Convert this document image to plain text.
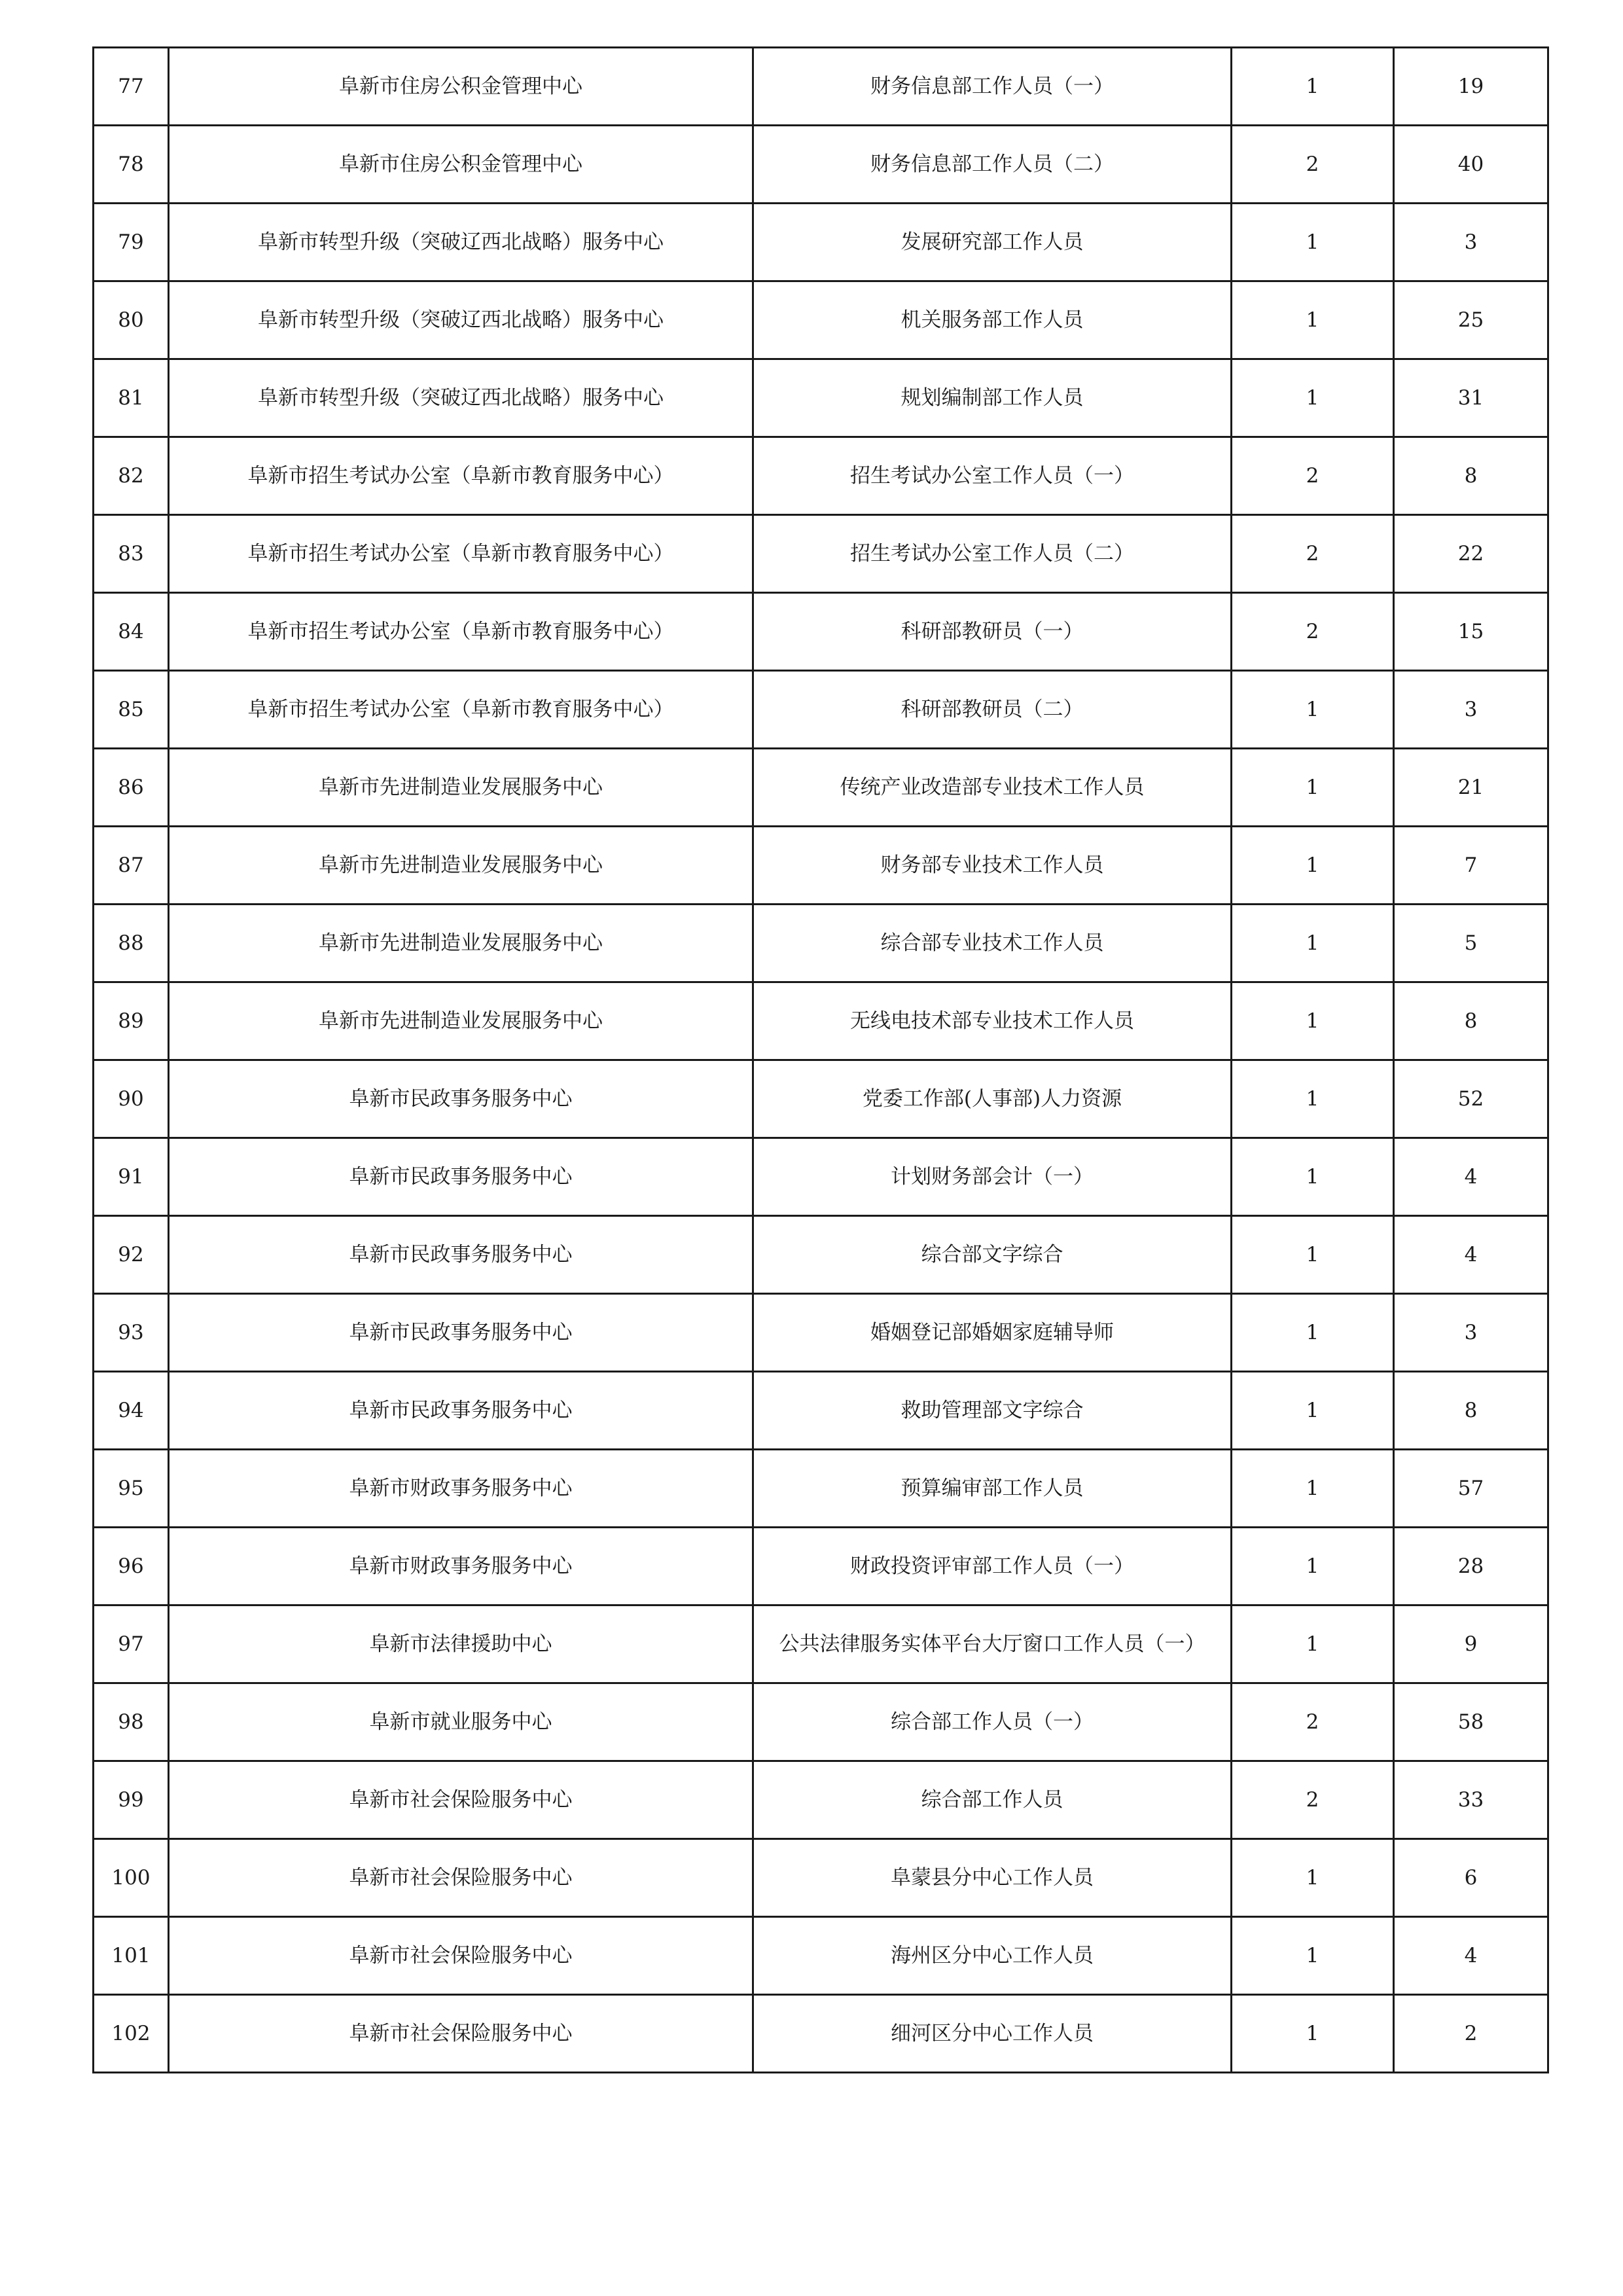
77	阜新市住房公积金管理中心	财务信息部工作人员（一）	1	19
78	阜新市住房公积金管理中心	财务信息部工作人员（二）	2	40
79	阜新市转型升级（突破辽西北战略）服务中心	发展研究部工作人员	1	3
80	阜新市转型升级（突破辽西北战略）服务中心	机关服务部工作人员	1	25
81	阜新市转型升级（突破辽西北战略）服务中心	规划编制部工作人员	1	31
82	阜新市招生考试办公室（阜新市教育服务中心）	招生考试办公室工作人员（一）	2	8
83	阜新市招生考试办公室（阜新市教育服务中心）	招生考试办公室工作人员（二）	2	22
84	阜新市招生考试办公室（阜新市教育服务中心）	科研部教研员（一）	2	15
85	阜新市招生考试办公室（阜新市教育服务中心）	科研部教研员（二）	1	3
86	阜新市先进制造业发展服务中心	传统产业改造部专业技术工作人员	1	21
87	阜新市先进制造业发展服务中心	财务部专业技术工作人员	1	7
88	阜新市先进制造业发展服务中心	综合部专业技术工作人员	1	5
89	阜新市先进制造业发展服务中心	无线电技术部专业技术工作人员	1	8
90	阜新市民政事务服务中心	党委工作部(人事部)人力资源	1	52
91	阜新市民政事务服务中心	计划财务部会计（一）	1	4
92	阜新市民政事务服务中心	综合部文字综合	1	4
93	阜新市民政事务服务中心	婚姻登记部婚姻家庭辅导师	1	3
94	阜新市民政事务服务中心	救助管理部文字综合	1	8
95	阜新市财政事务服务中心	预算编审部工作人员	1	57
96	阜新市财政事务服务中心	财政投资评审部工作人员（一）	1	28
97	阜新市法律援助中心	公共法律服务实体平台大厅窗口工作人员（一）	1	9
98	阜新市就业服务中心	综合部工作人员（一）	2	58
99	阜新市社会保险服务中心	综合部工作人员	2	33
100	阜新市社会保险服务中心	阜蒙县分中心工作人员	1	6
101	阜新市社会保险服务中心	海州区分中心工作人员	1	4
102	阜新市社会保险服务中心	细河区分中心工作人员	1	2
